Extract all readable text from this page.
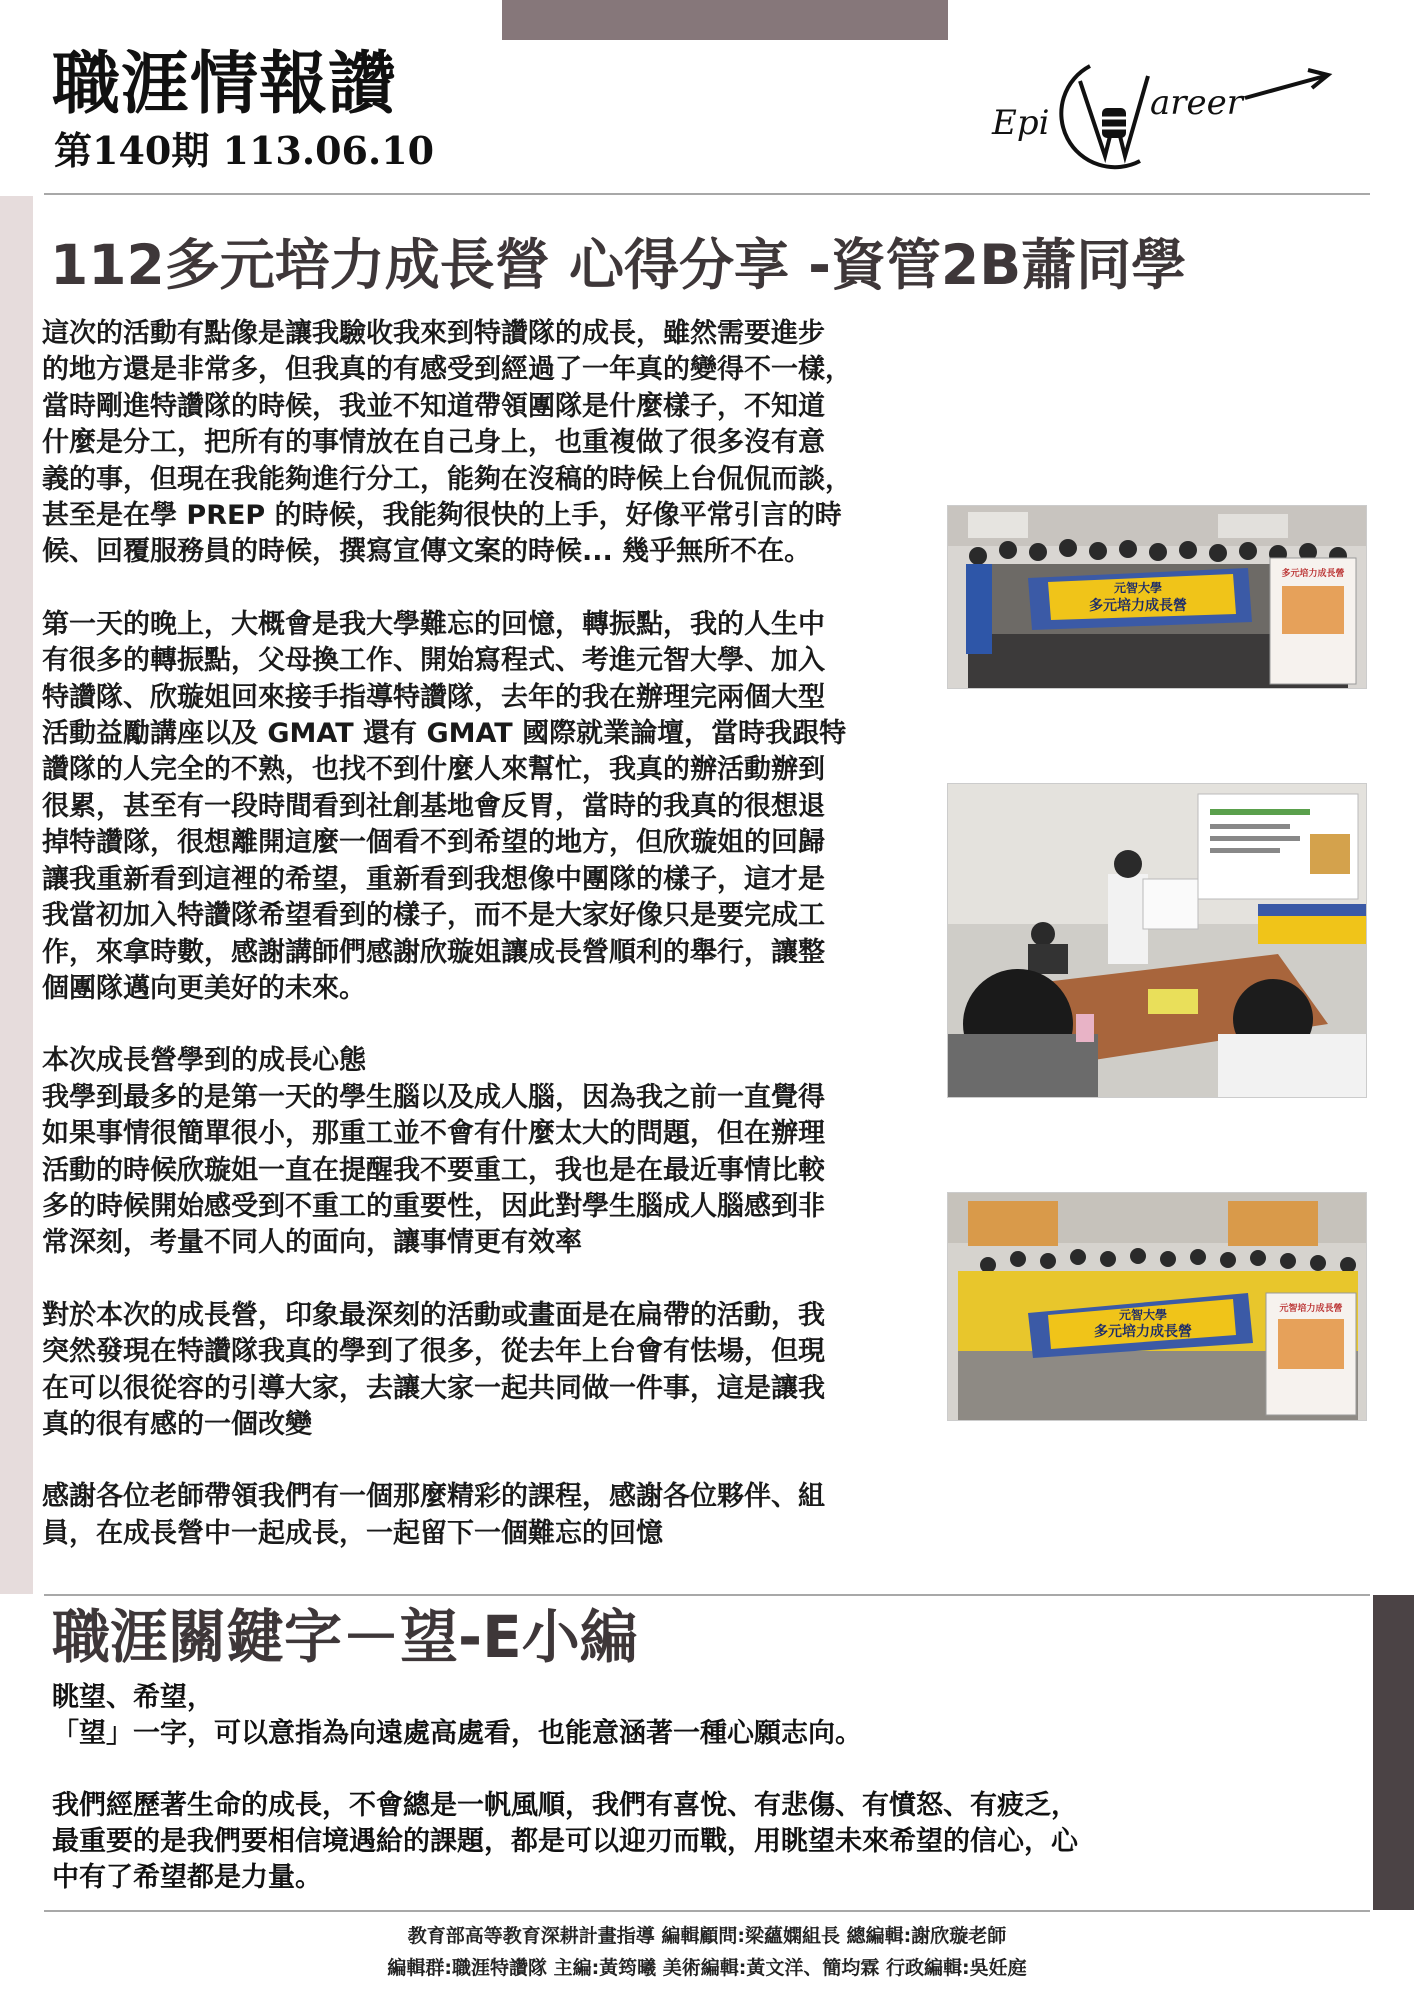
職涯情報讚
第140期 113.06.10
Epi	areer
112多元培力成長營 心得分享 -資管2B蕭同學

這次的活動有點像是讓我驗收我來到特讚隊的成長，雖然需要進步
的地方還是非常多，但我真的有感受到經過了一年真的變得不一樣，
當時剛進特讚隊的時候，我並不知道帶領團隊是什麼樣子，不知道
什麼是分工，把所有的事情放在自己身上，也重複做了很多沒有意
義的事，但現在我能夠進行分工，能夠在沒稿的時候上台侃侃而談，
甚至是在學 PREP 的時候，我能夠很快的上手，好像平常引言的時
候、回覆服務員的時候，撰寫宣傳文案的時候... 幾乎無所不在。

第一天的晚上，大概會是我大學難忘的回憶，轉振點，我的人生中
有很多的轉振點，父母換工作、開始寫程式、考進元智大學、加入
特讚隊、欣璇姐回來接手指導特讚隊，去年的我在辦理完兩個大型
活動益勵講座以及 GMAT 還有 GMAT 國際就業論壇，當時我跟特
讚隊的人完全的不熟，也找不到什麼人來幫忙，我真的辦活動辦到
很累，甚至有一段時間看到社創基地會反胃，當時的我真的很想退
掉特讚隊，很想離開這麼一個看不到希望的地方，但欣璇姐的回歸
讓我重新看到這裡的希望，重新看到我想像中團隊的樣子，這才是
我當初加入特讚隊希望看到的樣子，而不是大家好像只是要完成工
作，來拿時數，感謝講師們感謝欣璇姐讓成長營順利的舉行，讓整
個團隊邁向更美好的未來。

本次成長營學到的成長心態
我學到最多的是第一天的學生腦以及成人腦，因為我之前一直覺得
如果事情很簡單很小，那重工並不會有什麼太大的問題，但在辦理
活動的時候欣璇姐一直在提醒我不要重工，我也是在最近事情比較
多的時候開始感受到不重工的重要性，因此對學生腦成人腦感到非
常深刻，考量不同人的面向，讓事情更有效率

對於本次的成長營，印象最深刻的活動或畫面是在扁帶的活動，我
突然發現在特讚隊我真的學到了很多，從去年上台會有怯場，但現
在可以很從容的引導大家，去讓大家一起共同做一件事，這是讓我
真的很有感的一個改變

感謝各位老師帶領我們有一個那麼精彩的課程，感謝各位夥伴、組
員，在成長營中一起成長，一起留下一個難忘的回憶

元智大學
多元培力成長營
多元培力成長營
元智大學
多元培力成長營
元智培力成長營
職涯關鍵字－望-E小編

眺望、希望，
「望」一字，可以意指為向遠處高處看，也能意涵著一種心願志向。

我們經歷著生命的成長，不會總是一帆風順，我們有喜悅、有悲傷、有憤怒、有疲乏，
最重要的是我們要相信境遇給的課題，都是可以迎刃而戰，用眺望未來希望的信心，心
中有了希望都是力量。

教育部高等教育深耕計畫指導 編輯顧問:梁蘊嫻組長 總編輯:謝欣璇老師
編輯群:職涯特讚隊 主編:黃筠曦 美術編輯:黃文洋、簡均霖 行政編輯:吳妊庭
